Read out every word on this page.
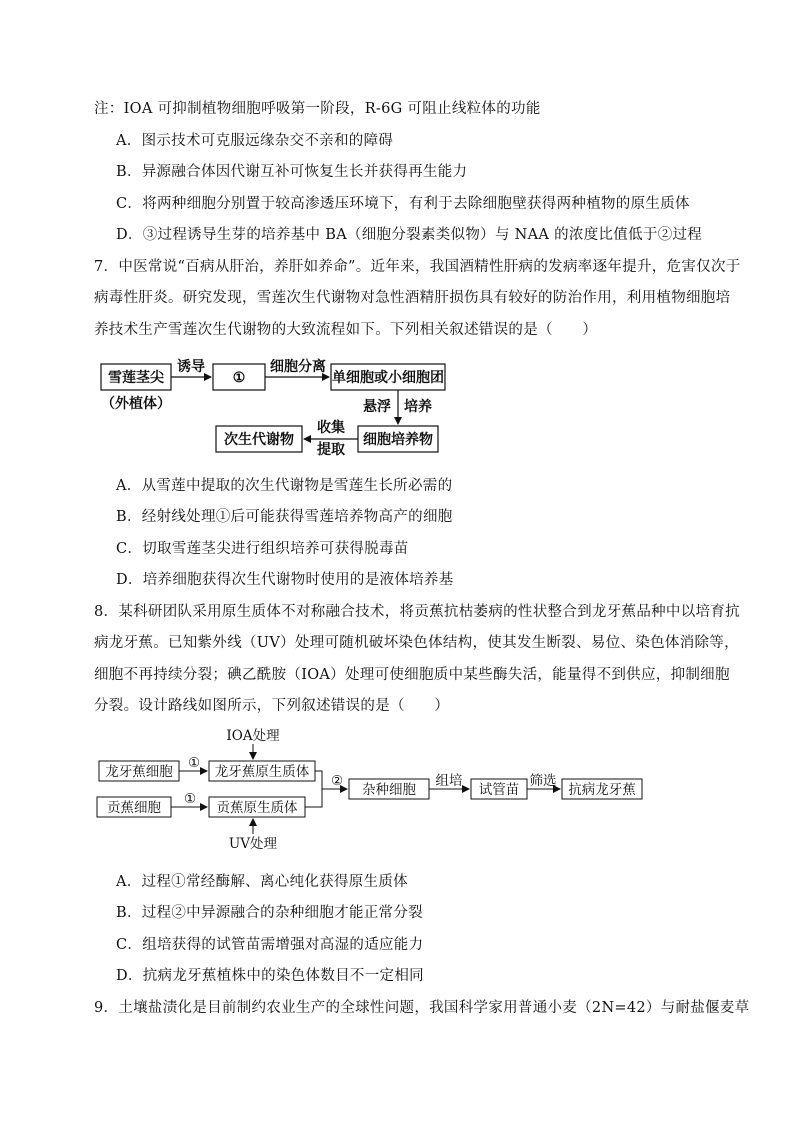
注：IOA 可抑制植物细胞呼吸第一阶段，R-6G 可阻止线粒体的功能
A．图示技术可克服远缘杂交不亲和的障碍
B．异源融合体因代谢互补可恢复生长并获得再生能力
C．将两种细胞分别置于较高渗透压环境下，有利于去除细胞壁获得两种植物的原生质体
D．③过程诱导生芽的培养基中 BA（细胞分裂素类似物）与 NAA 的浓度比值低于②过程
7．中医常说“百病从肝治，养肝如养命”。近年来，我国酒精性肝病的发病率逐年提升，危害仅次于
病毒性肝炎。研究发现，雪莲次生代谢物对急性酒精肝损伤具有较好的防治作用，利用植物细胞培
养技术生产雪莲次生代谢物的大致流程如下。下列相关叙述错误的是（　　）
雪莲茎尖	①	单细胞或小细胞团
细胞培养物
次生代谢物
（外植体）
诱导	细胞分离
悬浮 培养
收集
提取
IOA处理
龙牙蕉细胞
①
龙牙蕉原生质体
贡蕉细胞
①
贡蕉原生质体
UV处理
②
杂种细胞
组培
试管苗
筛选
抗病龙牙蕉
A．从雪莲中提取的次生代谢物是雪莲生长所必需的
B．经射线处理①后可能获得雪莲培养物高产的细胞
C．切取雪莲茎尖进行组织培养可获得脱毒苗
D．培养细胞获得次生代谢物时使用的是液体培养基
8．某科研团队采用原生质体不对称融合技术，将贡蕉抗枯萎病的性状整合到龙牙蕉品种中以培育抗
病龙牙蕉。已知紫外线（UV）处理可随机破坏染色体结构，使其发生断裂、易位、染色体消除等，
细胞不再持续分裂；碘乙酰胺（IOA）处理可使细胞质中某些酶失活，能量得不到供应，抑制细胞
分裂。设计路线如图所示，下列叙述错误的是（　　）
A．过程①常经酶解、离心纯化获得原生质体
B．过程②中异源融合的杂种细胞才能正常分裂
C．组培获得的试管苗需增强对高湿的适应能力
D．抗病龙牙蕉植株中的染色体数目不一定相同
9．土壤盐渍化是目前制约农业生产的全球性问题，我国科学家用普通小麦（2N=42）与耐盐偃麦草
